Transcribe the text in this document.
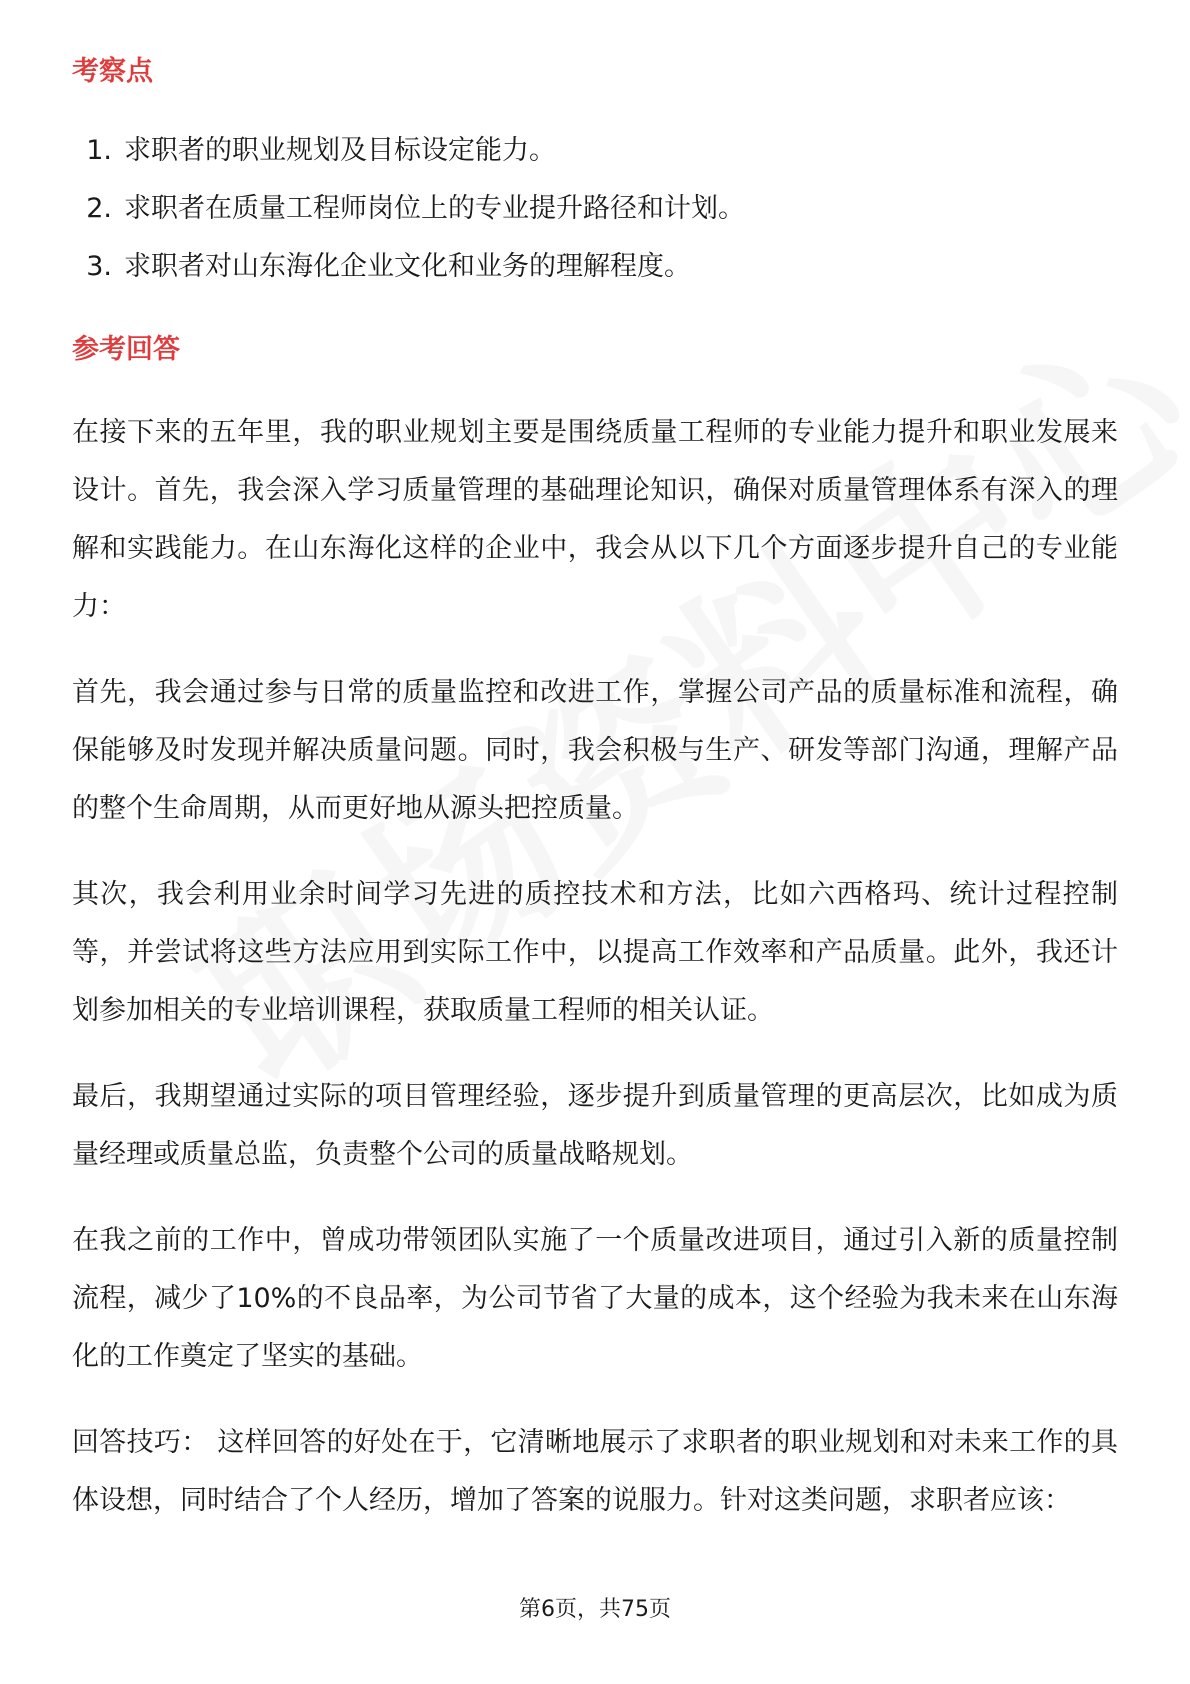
考察点
1. 求职者的职业规划及目标设定能力。
2. 求职者在质量工程师岗位上的专业提升路径和计划。
3. 求职者对山东海化企业文化和业务的理解程度。
参考回答

在接下来的五年里，我的职业规划主要是围绕质量工程师的专业能力提升和职业发展来设计。首先，我会深入学习质量管理的基础理论知识，确保对质量管理体系有深入的理解和实践能力。在山东海化这样的企业中，我会从以下几个方面逐步提升自己的专业能力：

首先，我会通过参与日常的质量监控和改进工作，掌握公司产品的质量标准和流程，确保能够及时发现并解决质量问题。同时，我会积极与生产、研发等部门沟通，理解产品的整个生命周期，从而更好地从源头把控质量。

其次，我会利用业余时间学习先进的质控技术和方法，比如六西格玛、统计过程控制等，并尝试将这些方法应用到实际工作中，以提高工作效率和产品质量。此外，我还计划参加相关的专业培训课程，获取质量工程师的相关认证。

最后，我期望通过实际的项目管理经验，逐步提升到质量管理的更高层次，比如成为质量经理或质量总监，负责整个公司的质量战略规划。

在我之前的工作中，曾成功带领团队实施了一个质量改进项目，通过引入新的质量控制流程，减少了10%的不良品率，为公司节省了大量的成本，这个经验为我未来在山东海化的工作奠定了坚实的基础。

回答技巧： 这样回答的好处在于，它清晰地展示了求职者的职业规划和对未来工作的具体设想，同时结合了个人经历，增加了答案的说服力。针对这类问题，求职者应该：

第6页，共75页
